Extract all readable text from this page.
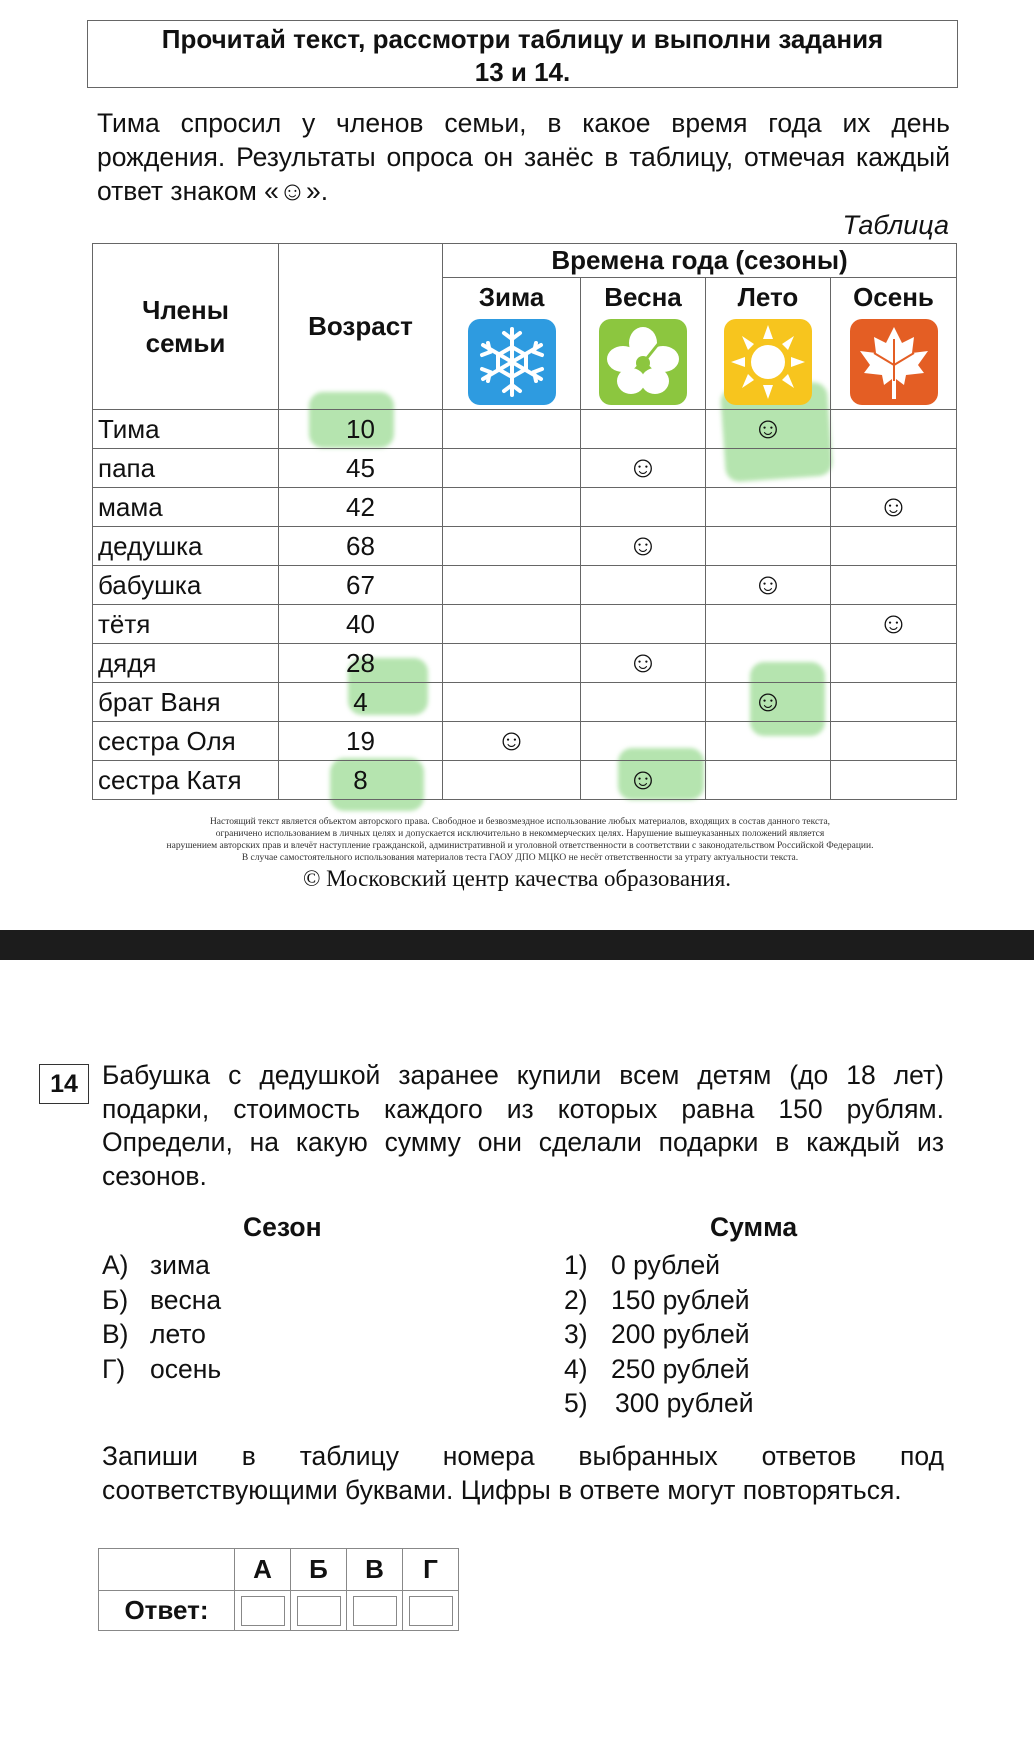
Прочитай текст, рассмотри таблицу и выполни задания
13 и 14.
Тима спросил у членов семьи, в какое время года их день рождения. Результаты опроса он занёс в таблицу, отмечая каждый ответ знаком «☺».
Таблица
Члены семьи	Возраст	Времена года (сезоны)			

		Зима	Весна	Лето	Осень

Тима	10			☺	
папа	45		☺		
мама	42				☺
дедушка	68		☺		
бабушка	67			☺	
тётя	40				☺
дядя	28		☺		
брат Ваня	4			☺	
сестра Оля	19	☺			
сестра Катя	8		☺		
Настоящий текст является объектом авторского права. Свободное и безвозмездное использование любых материалов, входящих в состав данного текста,
ограничено использованием в личных целях и допускается исключительно в некоммерческих целях. Нарушение вышеуказанных положений является
нарушением авторских прав и влечёт наступление гражданской, административной и уголовной ответственности в соответствии с законодательством Российской Федерации.
В случае самостоятельного использования материалов теста ГАОУ ДПО МЦКО не несёт ответственности за утрату актуальности текста.
© Московский центр качества образования.
14 Бабушка с дедушкой заранее купили всем детям (до 18 лет) подарки, стоимость каждого из которых равна 150 рублям. Определи, на какую сумму они сделали подарки в каждый из сезонов.
Сезон	Сумма
А) зима
Б) весна
В) лето
Г) осень
1) 0 рублей
2) 150 рублей
3) 200 рублей
4) 250 рублей
5) 300 рублей
Запиши в таблицу номера выбранных ответов под соответствующими буквами. Цифры в ответе могут повторяться.
	А	Б	В	Г
Ответ:				
